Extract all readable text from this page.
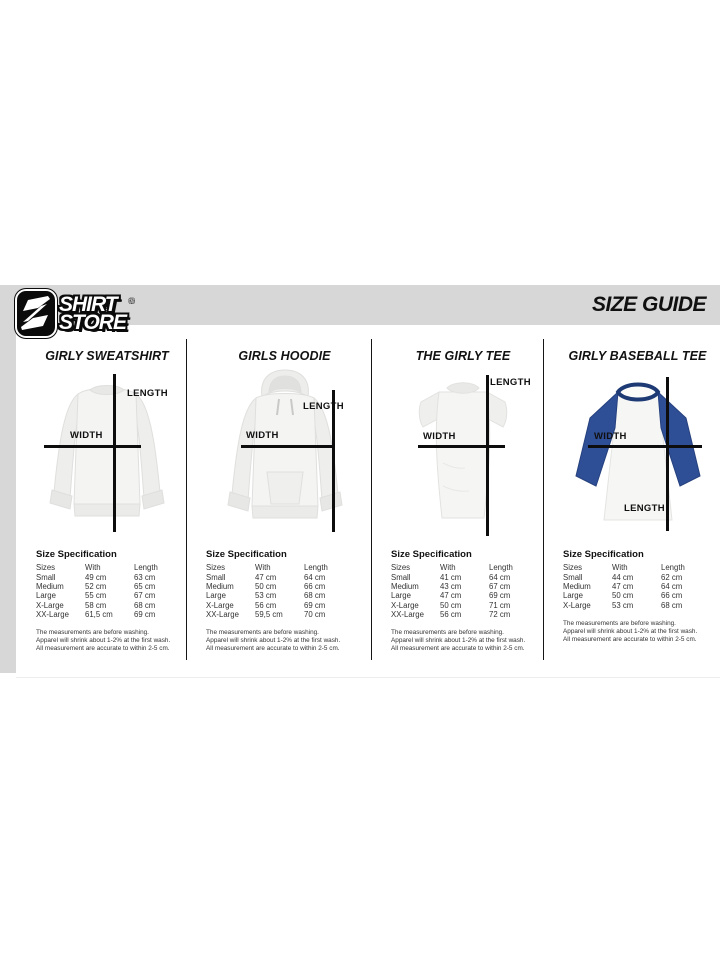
SIZE GUIDE
SHIRT ®
STORE
GIRLY SWEATSHIRT
WIDTH
LENGTH
Size Specification
Sizes	With	Length
Small	49 cm	63 cm
Medium	52 cm	65 cm
Large	55 cm	67 cm
X-Large	58 cm	68 cm
XX-Large	61,5 cm	69 cm

The measurements are before washing.
Apparel will shrink about 1-2% at the first wash.
All measurement are accurate to within 2-5 cm.

GIRLS HOODIE
WIDTH
LENGTH
Size Specification
Sizes	With	Length
Small	47 cm	64 cm
Medium	50 cm	66 cm
Large	53 cm	68 cm
X-Large	56 cm	69 cm
XX-Large	59,5 cm	70 cm

The measurements are before washing.
Apparel will shrink about 1-2% at the first wash.
All measurement are accurate to within 2-5 cm.

THE GIRLY TEE
WIDTH
LENGTH
Size Specification
Sizes	With	Length
Small	41 cm	64 cm
Medium	43 cm	67 cm
Large	47 cm	69 cm
X-Large	50 cm	71 cm
XX-Large	56 cm	72 cm

The measurements are before washing.
Apparel will shrink about 1-2% at the first wash.
All measurement are accurate to within 2-5 cm.

GIRLY BASEBALL TEE
WIDTH
LENGTH
Size Specification
Sizes	With	Length
Small	44 cm	62 cm
Medium	47 cm	64 cm
Large	50 cm	66 cm
X-Large	53 cm	68 cm

The measurements are before washing.
Apparel will shrink about 1-2% at the first wash.
All measurement are accurate to within 2-5 cm.
